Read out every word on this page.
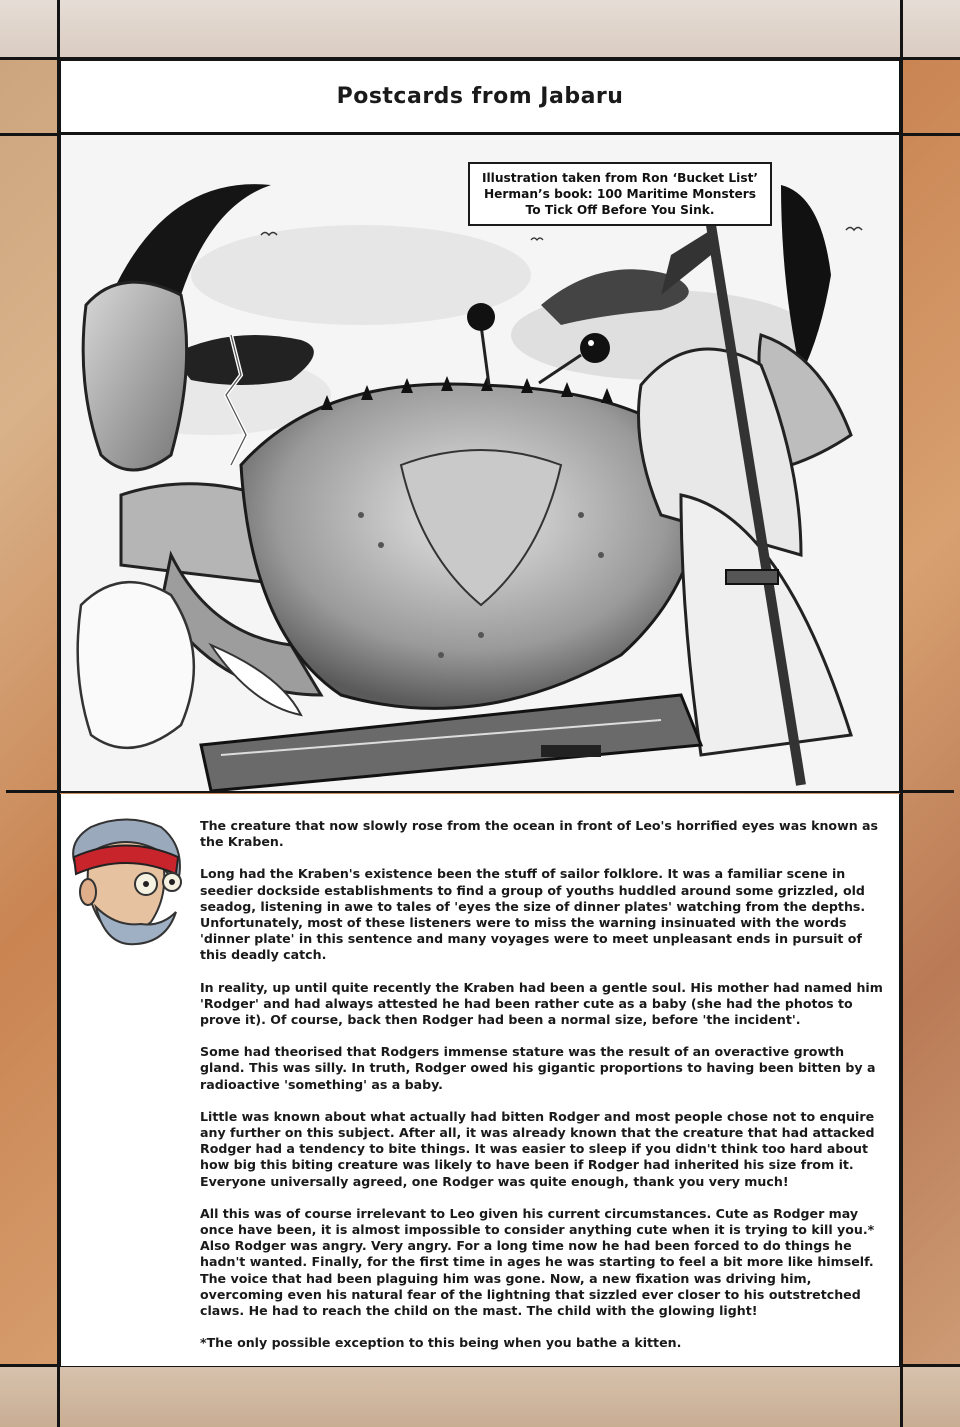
Postcards from Jabaru
Illustration taken from Ron ‘Bucket List’ Herman’s book: 100 Maritime Monsters To Tick Off Before You Sink.

The creature that now slowly rose from the ocean in front of Leo's horrified eyes was known as the Kraben.

Long had the Kraben's existence been the stuff of sailor folklore. It was a familiar scene in seedier dockside establishments to find a group of youths huddled around some grizzled, old seadog, listening in awe to tales of 'eyes the size of dinner plates' watching from the depths. Unfortunately, most of these listeners were to miss the warning insinuated with the words 'dinner plate' in this sentence and many voyages were to meet unpleasant ends in pursuit of this deadly catch.

In reality, up until quite recently the Kraben had been a gentle soul. His mother had named him 'Rodger' and had always attested he had been rather cute as a baby (she had the photos to prove it). Of course, back then Rodger had been a normal size, before 'the incident'.

Some had theorised that Rodgers immense stature was the result of an overactive growth gland. This was silly. In truth, Rodger owed his gigantic proportions to having been bitten by a radioactive 'something' as a baby.

Little was known about what actually had bitten Rodger and most people chose not to enquire any further on this subject. After all, it was already known that the creature that had attacked Rodger had a tendency to bite things. It was easier to sleep if you didn't think too hard about how big this biting creature was likely to have been if Rodger had inherited his size from it. Everyone universally agreed, one Rodger was quite enough, thank you very much!

All this was of course irrelevant to Leo given his current circumstances. Cute as Rodger may once have been, it is almost impossible to consider anything cute when it is trying to kill you.* Also Rodger was angry. Very angry. For a long time now he had been forced to do things he hadn't wanted. Finally, for the first time in ages he was starting to feel a bit more like himself. The voice that had been plaguing him was gone. Now, a new fixation was driving him, overcoming even his natural fear of the lightning that sizzled ever closer to his outstretched claws. He had to reach the child on the mast. The child with the glowing light!

*The only possible exception to this being when you bathe a kitten.
